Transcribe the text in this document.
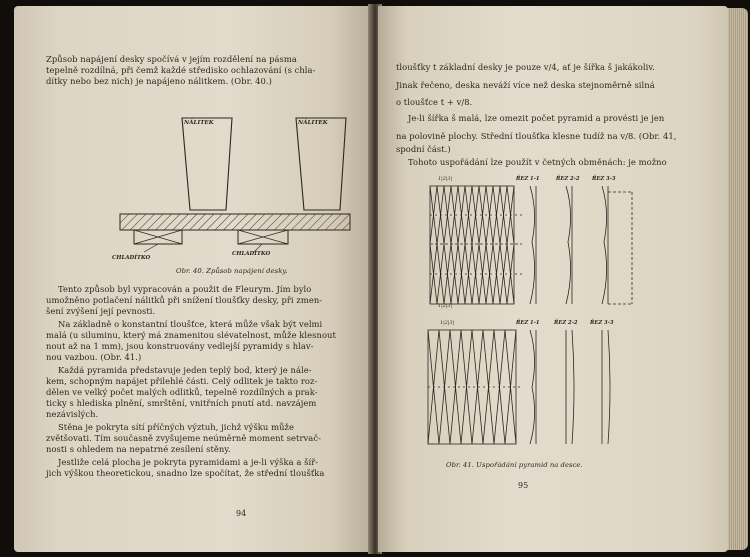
Způsob napájení desky spočívá v jejím rozdělení na pásma
tepelně rozdílná, při čemž každé středisko ochlazování (s chla-
dítky nebo bez nich) je napájeno nálitkem. (Obr. 40.)
NÁLITEK	NÁLITEK
CHLADÍTKO
CHLADÍTKO
Obr. 40. Způsob napájení desky.
Tento způsob byl vypracován a použit de Fleurym. Jím bylo
umožněno potlačení nálitků při snížení tloušťky desky, při zmen-
šení zvýšení její pevnosti.
Na základně o konstantní tloušťce, která může však být velmi
malá (u siluminu, který má znamenitou slévatelnost, může klesnout
nout až na 1 mm), jsou konstruovány vedlejší pyramidy s hlav-
nou vazbou. (Obr. 41.)
Každá pyramida představuje jeden teplý bod, který je nále-
kem, schopným napájet přilehlé části. Celý odlitek je takto roz-
dělen ve velký počet malých odlitků, tepelně rozdílných a prak-
ticky s hlediska plnění, smrštění, vnitřních pnutí atd. navzájem
nezávislých.
Stěna je pokryta sítí příčných výztuh, jichž výšku může
zvětšovati. Tím současně zvyšujeme neúměrně moment setrvač-
nosti s ohledem na nepatrné zesílení stěny.
Jestliže celá plocha je pokryta pyramidami a je-li výška a šíř-
jich výškou theoretickou, snadno lze spočítat, že střední tloušťka
94
tloušťky t základní desky je pouze v/4, ať je šířka š jakákoliv.
Jinak řečeno, deska neváží více než deska stejnoměrně silná
o tloušťce t + v/8.
Je-li šířka š malá, lze omezit počet pyramid a provésti je jen
na polovině plochy. Střední tloušťka klesne tudíž na v/8. (Obr. 41,
spodní část.)
Tohoto uspořádání lze použít v četných obměnách: je možno
ŘEZ 1-1	ŘEZ 2-2 ŘEZ 3-3
1|2|3|
1|2|3|
ŘEZ 1-1	ŘEZ 2-2 ŘEZ 3-3
1|2|3|
Obr. 41. Uspořádání pyramid na desce.
95
